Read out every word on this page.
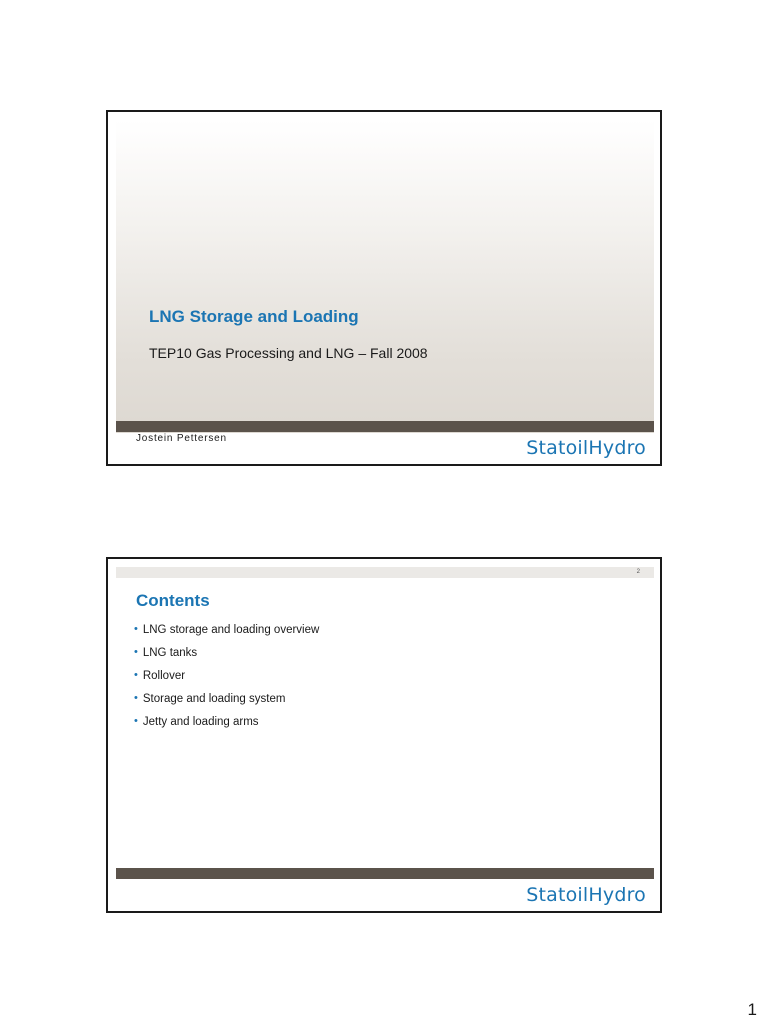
LNG Storage and Loading
TEP10 Gas Processing and LNG – Fall 2008
Jostein Pettersen	StatoilHydro
2
Contents
• LNG storage and loading overview
• LNG tanks
• Rollover
• Storage and loading system
• Jetty and loading arms
StatoilHydro
1
